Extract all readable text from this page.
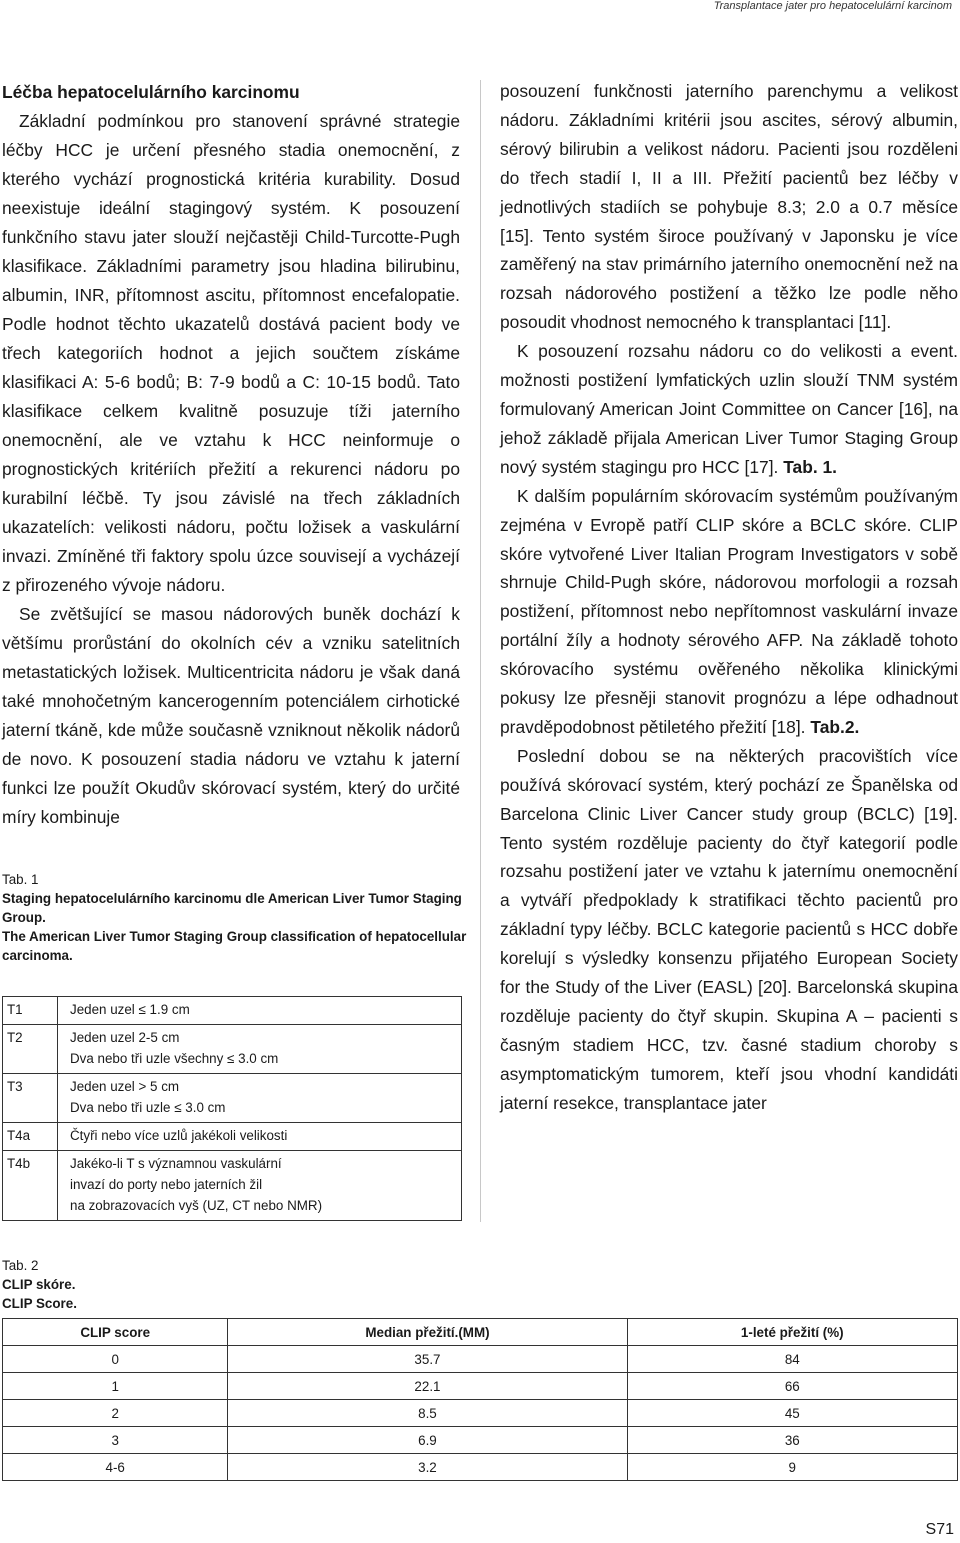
Transplantace jater pro hepatocelulární karcinom

Léčba hepatocelulárního karcinomu

Základní podmínkou pro stanovení správné strategie léčby HCC je určení přesného stadia onemocnění, z kterého vychází prognostická kritéria kurability. Dosud neexistuje ideální stagingový systém. K posouzení funkčního stavu jater slouží nejčastěji Child-Turcotte-Pugh klasifikace. Základními parametry jsou hladina bilirubinu, albumin, INR, přítomnost ascitu, přítomnost encefalopatie. Podle hodnot těchto ukazatelů dostává pacient body ve třech kategoriích hodnot a jejich součtem získáme klasifikaci A: 5-6 bodů; B: 7-9 bodů a C: 10-15 bodů. Tato klasifikace celkem kvalitně posuzuje tíži jaterního onemocnění, ale ve vztahu k HCC neinformuje o prognostických kritériích přežití a rekurenci nádoru po kurabilní léčbě. Ty jsou závislé na třech základních ukazatelích: velikosti nádoru, počtu ložisek a vaskulární invazi. Zmíněné tři faktory spolu úzce souvisejí a vycházejí z přirozeného vývoje nádoru.

Se zvětšující se masou nádorových buněk dochází k většímu prorůstání do okolních cév a vzniku satelitních metastatických ložisek. Multicentricita nádoru je však daná také mnohočetným kancerogenním potenciálem cirhotické jaterní tkáně, kde může současně vzniknout několik nádorů de novo. K posouzení stadia nádoru ve vztahu k jaterní funkci lze použít Okudův skórovací systém, který do určité míry kombinuje

posouzení funkčnosti jaterního parenchymu a velikost nádoru. Základními kritérii jsou ascites, sérový albumin, sérový bilirubin a velikost nádoru. Pacienti jsou rozděleni do třech stadií I, II a III. Přežití pacientů bez léčby v jednotlivých stadiích se pohybuje 8.3; 2.0 a 0.7 měsíce [15]. Tento systém široce používaný v Japonsku je více zaměřený na stav primárního jaterního onemocnění než na rozsah nádorového postižení a těžko lze podle něho posoudit vhodnost nemocného k transplantaci [11].

K posouzení rozsahu nádoru co do velikosti a event. možnosti postižení lymfatických uzlin slouží TNM systém formulovaný American Joint Committee on Cancer [16], na jehož základě přijala American Liver Tumor Staging Group nový systém stagingu pro HCC [17]. Tab. 1.

K dalším populárním skórovacím systémům používaným zejména v Evropě patří CLIP skóre a BCLC skóre. CLIP skóre vytvořené Liver Italian Program Investigators v sobě shrnuje Child-Pugh skóre, nádorovou morfologii a rozsah postižení, přítomnost nebo nepřítomnost vaskulární invaze portální žíly a hodnoty sérového AFP. Na základě tohoto skórovacího systému ověřeného několika klinickými pokusy lze přesněji stanovit prognózu a lépe odhadnout pravděpodobnost pětiletého přežití [18]. Tab.2.

Poslední dobou se na některých pracovištích více používá skórovací systém, který pochází ze Španělska od Barcelona Clinic Liver Cancer study group (BCLC) [19]. Tento systém rozděluje pacienty do čtyř kategorií podle rozsahu postižení jater ve vztahu k jaternímu onemocnění a vytváří předpoklady k stratifikaci těchto pacientů pro základní typy léčby. BCLC kategorie pacientů s HCC dobře korelují s výsledky konsenzu přijatého European Society for the Study of the Liver (EASL) [20]. Barcelonská skupina rozděluje pacienty do čtyř skupin. Skupina A – pacienti s časným stadiem HCC, tzv. časné stadium choroby s asymptomatickým tumorem, kteří jsou vhodní kandidáti jaterní resekce, transplantace jater

Tab. 1
Staging hepatocelulárního karcinomu dle American Liver Tumor Staging Group.
The American Liver Tumor Staging Group classification of hepatocellular carcinoma.
T1	Jeden uzel ≤ 1.9 cm

T2	Jeden uzel 2-5 cm
Dva nebo tři uzle všechny ≤ 3.0 cm

T3	Jeden uzel > 5 cm
Dva nebo tři uzle ≤ 3.0 cm

T4a	Čtyři nebo více uzlů jakékoli velikosti

T4b	Jakéko-li T s významnou vaskulární
invazí do porty nebo jaterních žil
na zobrazovacích vyš (UZ, CT nebo NMR)
Tab. 2
CLIP skóre.
CLIP Score.
CLIP score	Median přežití.(MM)	1-leté přežití (%)
0	35.7	84
1	22.1	66
2	8.5	45
3	6.9	36
4-6	3.2	9
S71
